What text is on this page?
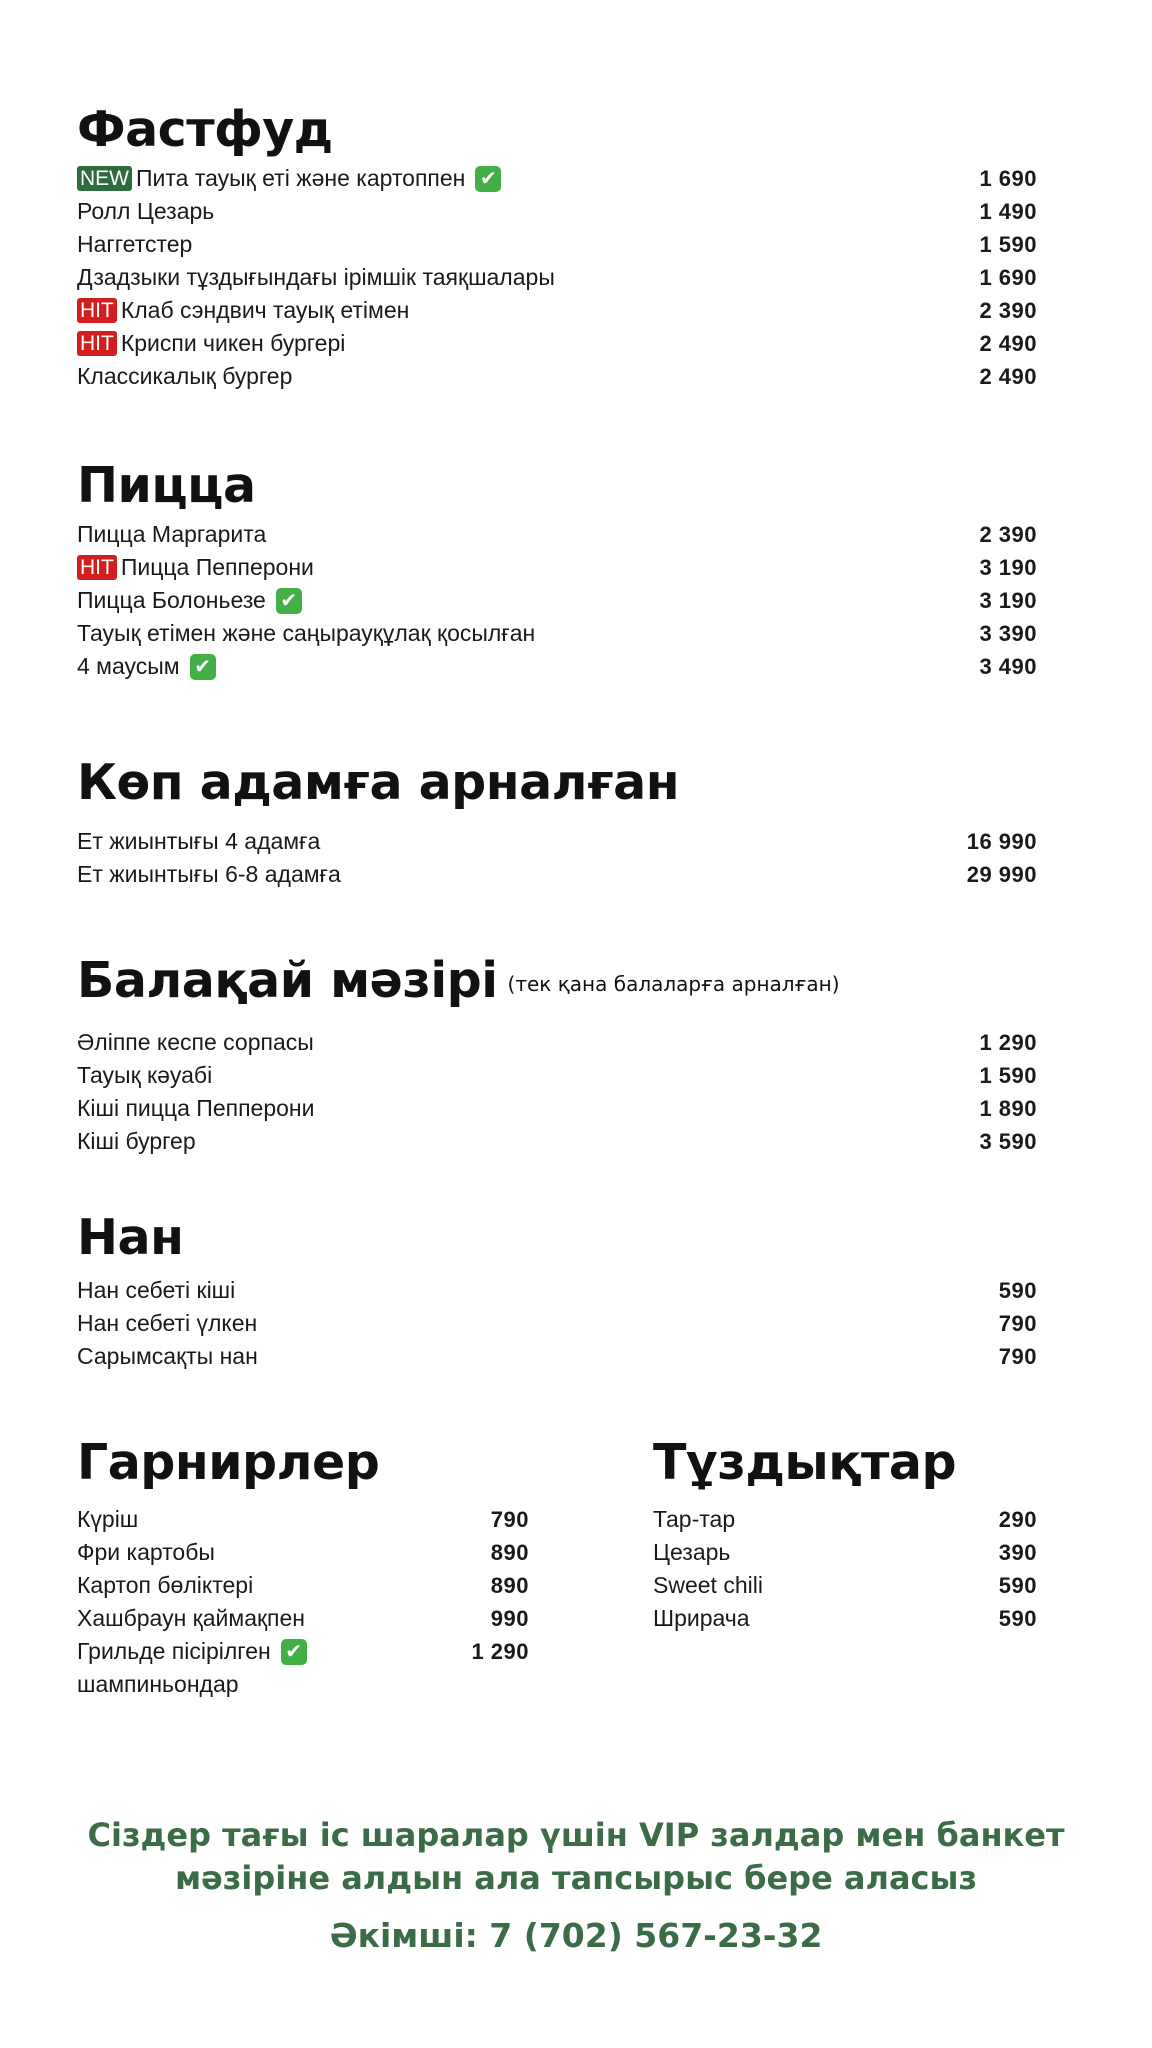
Фастфуд
NEW Пита тауық еті және картоппен ✔	1 690
Ролл Цезарь	1 490
Наггетстер	1 590
Дзадзыки тұздығындағы ірімшік таяқшалары	1 690
HIT Клаб сэндвич тауық етімен	2 390
HIT Криспи чикен бургері	2 490
Классикалық бургер	2 490
Пицца
Пицца Маргарита	2 390
HIT Пицца Пепперони	3 190
Пицца Болоньезе ✔	3 190
Тауық етімен және саңырауқұлақ қосылған	3 390
4 маусым ✔	3 490
Көп адамға арналған
Ет жиынтығы 4 адамға	16 990
Ет жиынтығы 6-8 адамға	29 990
Балақай мәзірі $^{(тек қана балаларға арналған)}$
Әліппе кеспе сорпасы	1 290
Тауық кәуабі	1 590
Кіші пицца Пепперони	1 890
Кіші бургер	3 590
Нан
Нан себеті кіші	590
Нан себеті үлкен	790
Сарымсақты нан	790
Гарнирлер
Күріш	790
Фри картобы	890
Картоп бөліктері	890
Хашбраун қаймақпен	990
Грильде пісірілген ✔	1 290
шампиньондар
Тұздықтар
Тар-тар	290
Цезарь	390
Sweet chili	590
Шрирача	590
Сіздер тағы іс шаралар үшін VIP залдар мен банкет
мәзіріне алдын ала тапсырыс бере аласыз
Әкімші: 7 (702) 567-23-32
